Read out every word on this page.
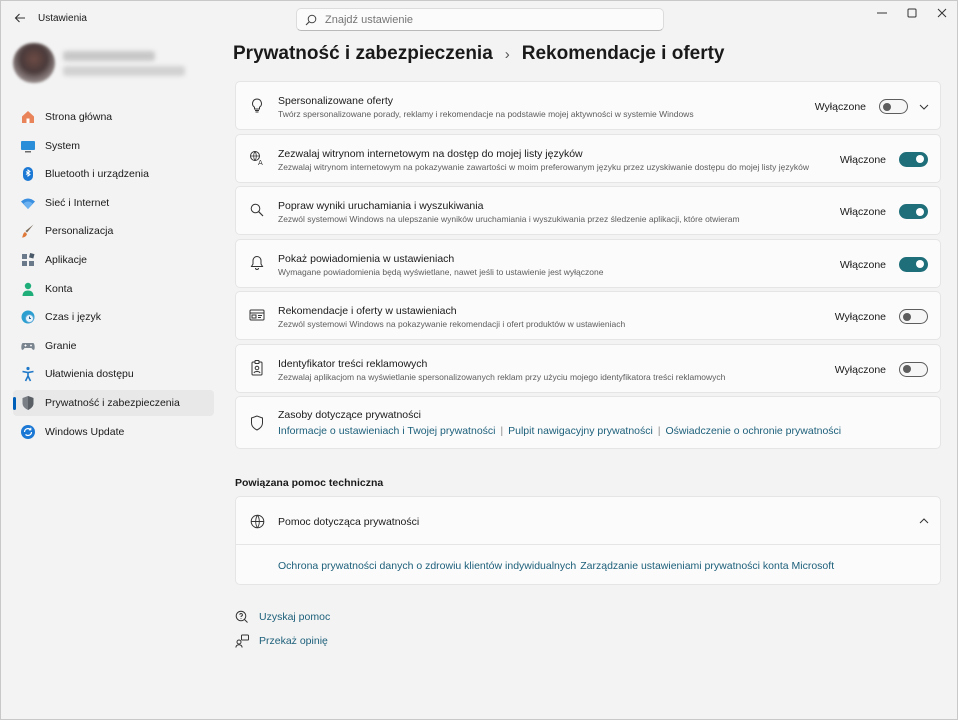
Ustawienia
Znajdź ustawienie
Strona główna
System
Bluetooth i urządzenia
Sieć i Internet
Personalizacja
Aplikacje
Konta
Czas i język
Granie
Ułatwienia dostępu
Prywatność i zabezpieczenia
Windows Update
Prywatność i zabezpieczenia › Rekomendacje i oferty
Spersonalizowane oferty
Twórz spersonalizowane porady, reklamy i rekomendacje na podstawie mojej aktywności w systemie Windows
Wyłączone
A
Zezwalaj witrynom internetowym na dostęp do mojej listy języków
Zezwalaj witrynom internetowym na pokazywanie zawartości w moim preferowanym języku przez uzyskiwanie dostępu do mojej listy języków
Włączone
Popraw wyniki uruchamiania i wyszukiwania
Zezwól systemowi Windows na ulepszanie wyników uruchamiania i wyszukiwania przez śledzenie aplikacji, które otwieram
Włączone
Pokaż powiadomienia w ustawieniach
Wymagane powiadomienia będą wyświetlane, nawet jeśli to ustawienie jest wyłączone
Włączone
Rekomendacje i oferty w ustawieniach
Zezwól systemowi Windows na pokazywanie rekomendacji i ofert produktów w ustawieniach
Wyłączone
Identyfikator treści reklamowych
Zezwalaj aplikacjom na wyświetlanie spersonalizowanych reklam przy użyciu mojego identyfikatora treści reklamowych
Wyłączone
Zasoby dotyczące prywatności
Informacje o ustawieniach i Twojej prywatności | Pulpit nawigacyjny prywatności | Oświadczenie o ochronie prywatności
Powiązana pomoc techniczna
Pomoc dotycząca prywatności
Ochrona prywatności danych o zdrowiu klientów indywidualnych Zarządzanie ustawieniami prywatności konta Microsoft
Uzyskaj pomoc
Przekaż opinię
